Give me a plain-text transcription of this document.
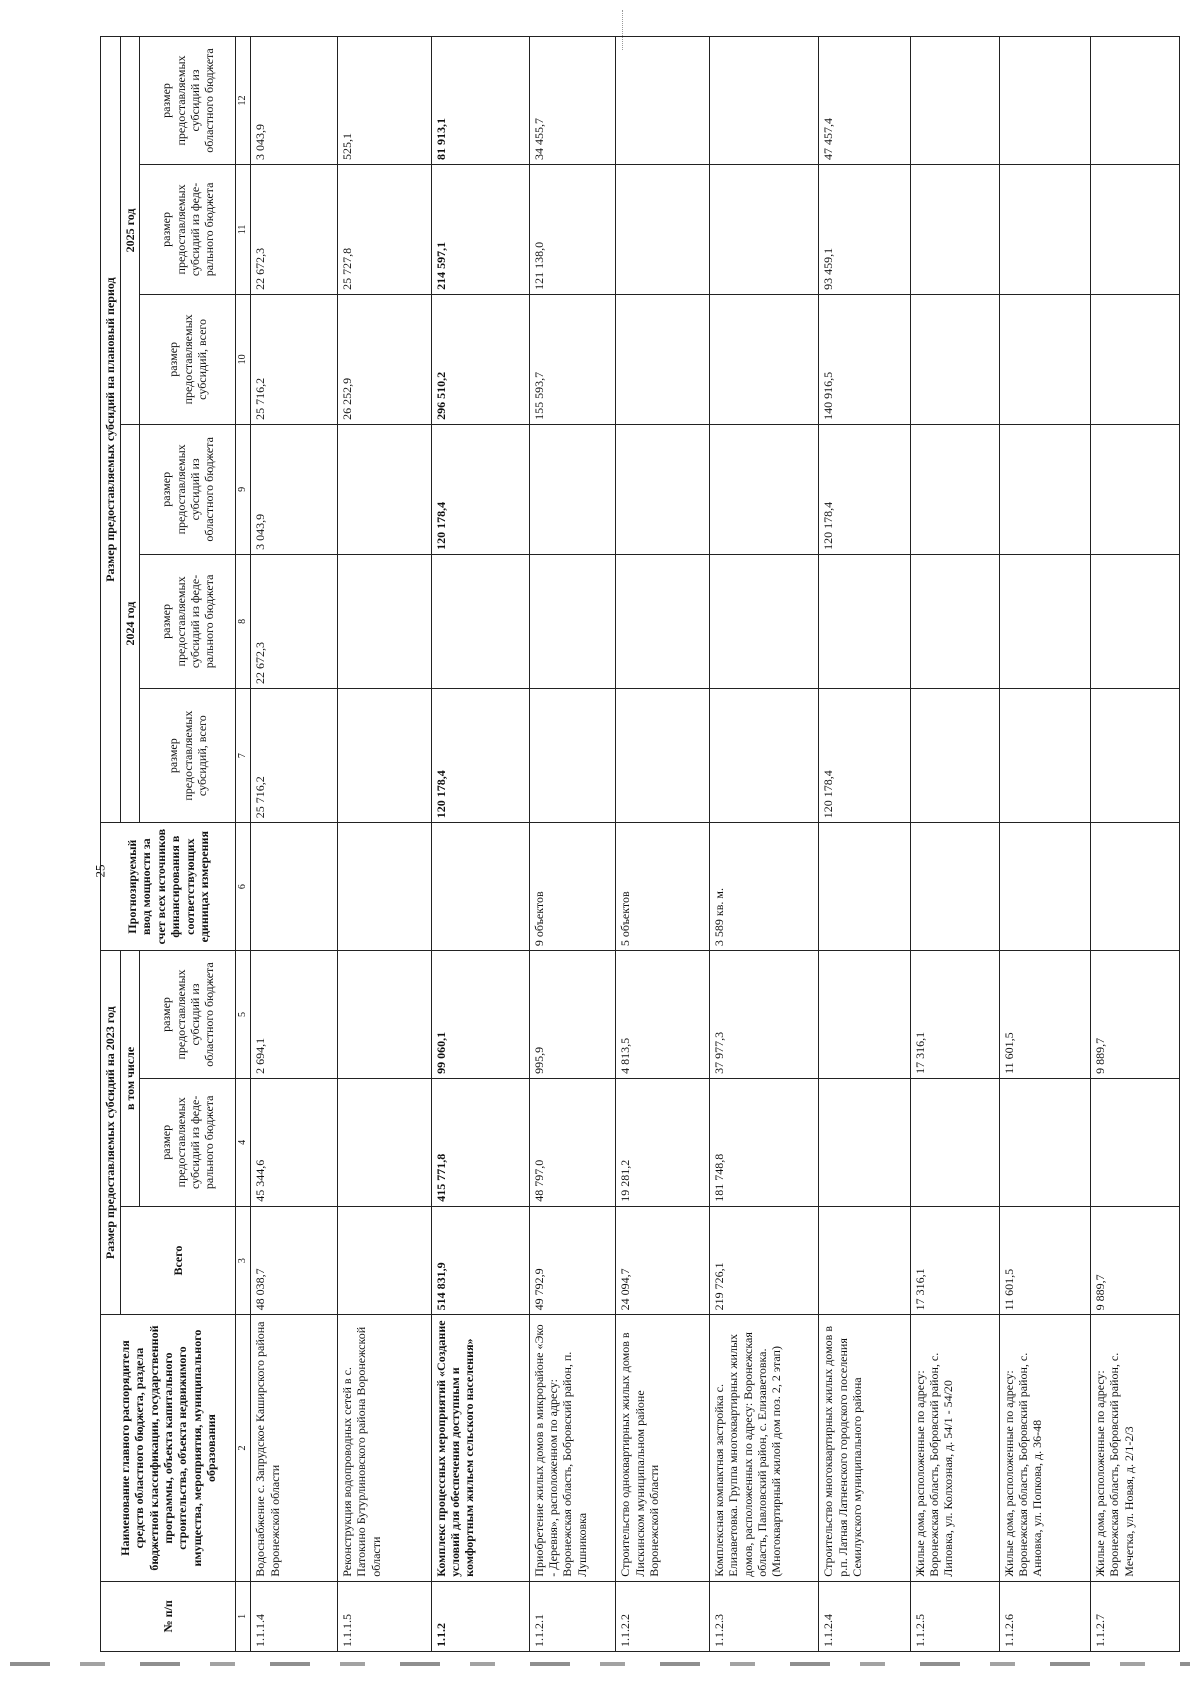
25
№ п/п	Наименование главного распорядителя средств областного бюджета, раздела бюджетной классификации, государственной программы, объекта капитального строительства, объекта недвижимого имущества, мероприятия, муниципального образования	Размер предоставляемых субсидий на 2023 год			Прогнозируемый ввод мощности за счет всех источников финансирования в соответствующих единицах измерения	Размер предоставляемых субсидий на плановый период					
		Всего	в том числе			2024 год			2025 год		
			размер предоставляемых субсидий из феде-рального бюджета	размер предоставляемых субсидий из областного бюджета		размер предоставляемых субсидий, всего	размер предоставляемых субсидий из феде-рального бюджета	размер предоставляемых субсидий из областного бюджета	размер предоставляемых субсидий, всего	размер предоставляемых субсидий из феде-рального бюджета	размер предоставляемых субсидий из областного бюджета

1	2	3	4	5	6	7	8	9	10	11	12
1.1.1.4	Водоснабжение с. Запрудское Каширского района Воронежской области	48 038,7	45 344,6	2 694,1		25 716,2	22 672,3	3 043,9	25 716,2	22 672,3	3 043,9
1.1.1.5	Реконструкция водопроводных сетей в с. Патокино Бутурлиновского района Воронежской области								26 252,9	25 727,8	525,1
1.1.2	Комплекс процессных мероприятий «Создание условий для обеспечения доступным и комфортным жильем сельского населения»	514 831,9	415 771,8	99 060,1		120 178,4		120 178,4	296 510,2	214 597,1	81 913,1
1.1.2.1	Приобретение жилых домов в микрорайоне «Эко - Деревня», расположенном по адресу: Воронежская область, Бобровский район, п. Лушниковка	49 792,9	48 797,0	995,9	9 объектов				155 593,7	121 138,0	34 455,7
1.1.2.2	Строительство одноквартирных жилых домов в Лискинском муниципальном районе Воронежской области	24 094,7	19 281,2	4 813,5	5 объектов						
1.1.2.3	Комплексная компактная застройка с. Елизаветовка. Группа многоквартирных жилых домов, расположенных по адресу: Воронежская область, Павловский район, с. Елизаветовка. (Многоквартирный жилой дом поз. 2, 2 этап)	219 726,1	181 748,8	37 977,3	3 589 кв. м.						
1.1.2.4	Строительство многоквартирных жилых домов в р.п. Латная Латненского городского поселения Семилукского муниципального района					120 178,4		120 178,4	140 916,5	93 459,1	47 457,4
1.1.2.5	Жилые дома, расположенные по адресу: Воронежская область, Бобровский район, с. Липовка, ул. Колхозная, д. 54/1 - 54/20	17 316,1		17 316,1							
1.1.2.6	Жилые дома, расположенные по адресу: Воронежская область, Бобровский район, с. Анновка, ул. Попкова, д. 36-48	11 601,5		11 601,5							
1.1.2.7	Жилые дома, расположенные по адресу: Воронежская область, Бобровский район, с. Мечетка, ул. Новая, д. 2/1-2/3	9 889,7		9 889,7							
